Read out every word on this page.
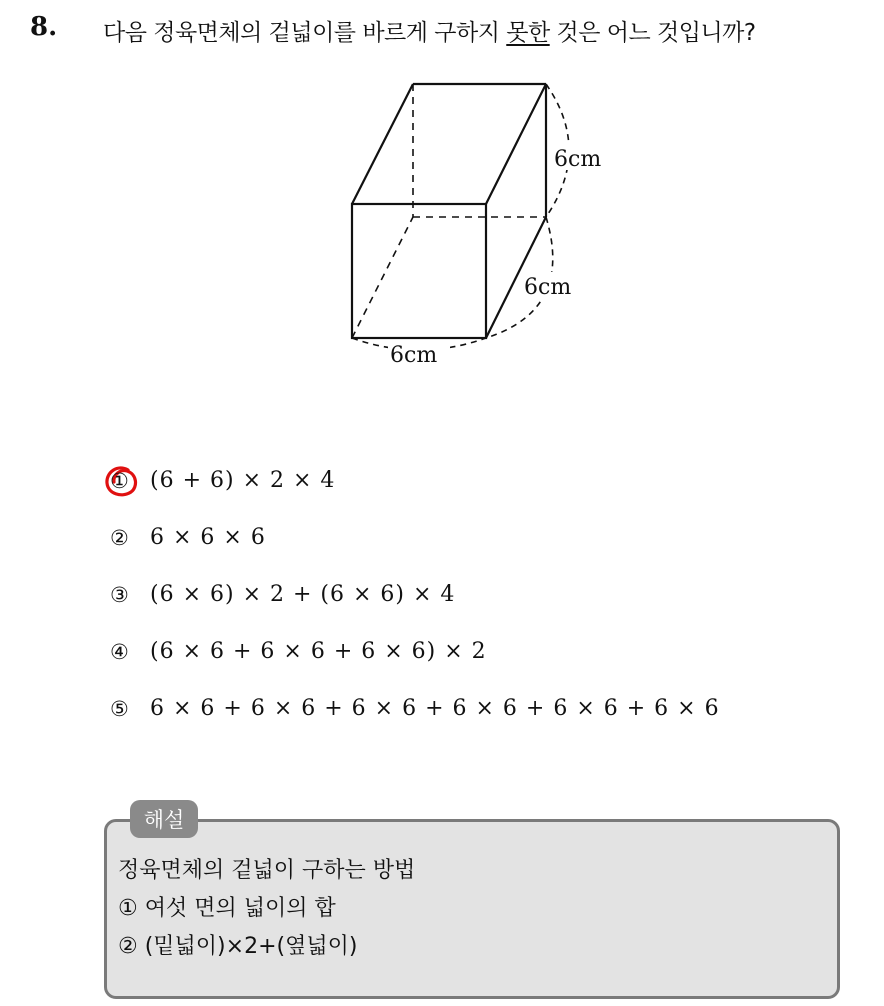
8. 다음 정육면체의 겉넓이를 바르게 구하지 못한 것은 어느 것입니까?
6cm
6cm
6cm
① (6 + 6) × 2 × 4
② 6 × 6 × 6
③ (6 × 6) × 2 + (6 × 6) × 4
④ (6 × 6 + 6 × 6 + 6 × 6) × 2
⑤ 6 × 6 + 6 × 6 + 6 × 6 + 6 × 6 + 6 × 6 + 6 × 6
해설
정육면체의 겉넓이 구하는 방법
① 여섯 면의 넓이의 합
② (밑넓이)×2+(옆넓이)
